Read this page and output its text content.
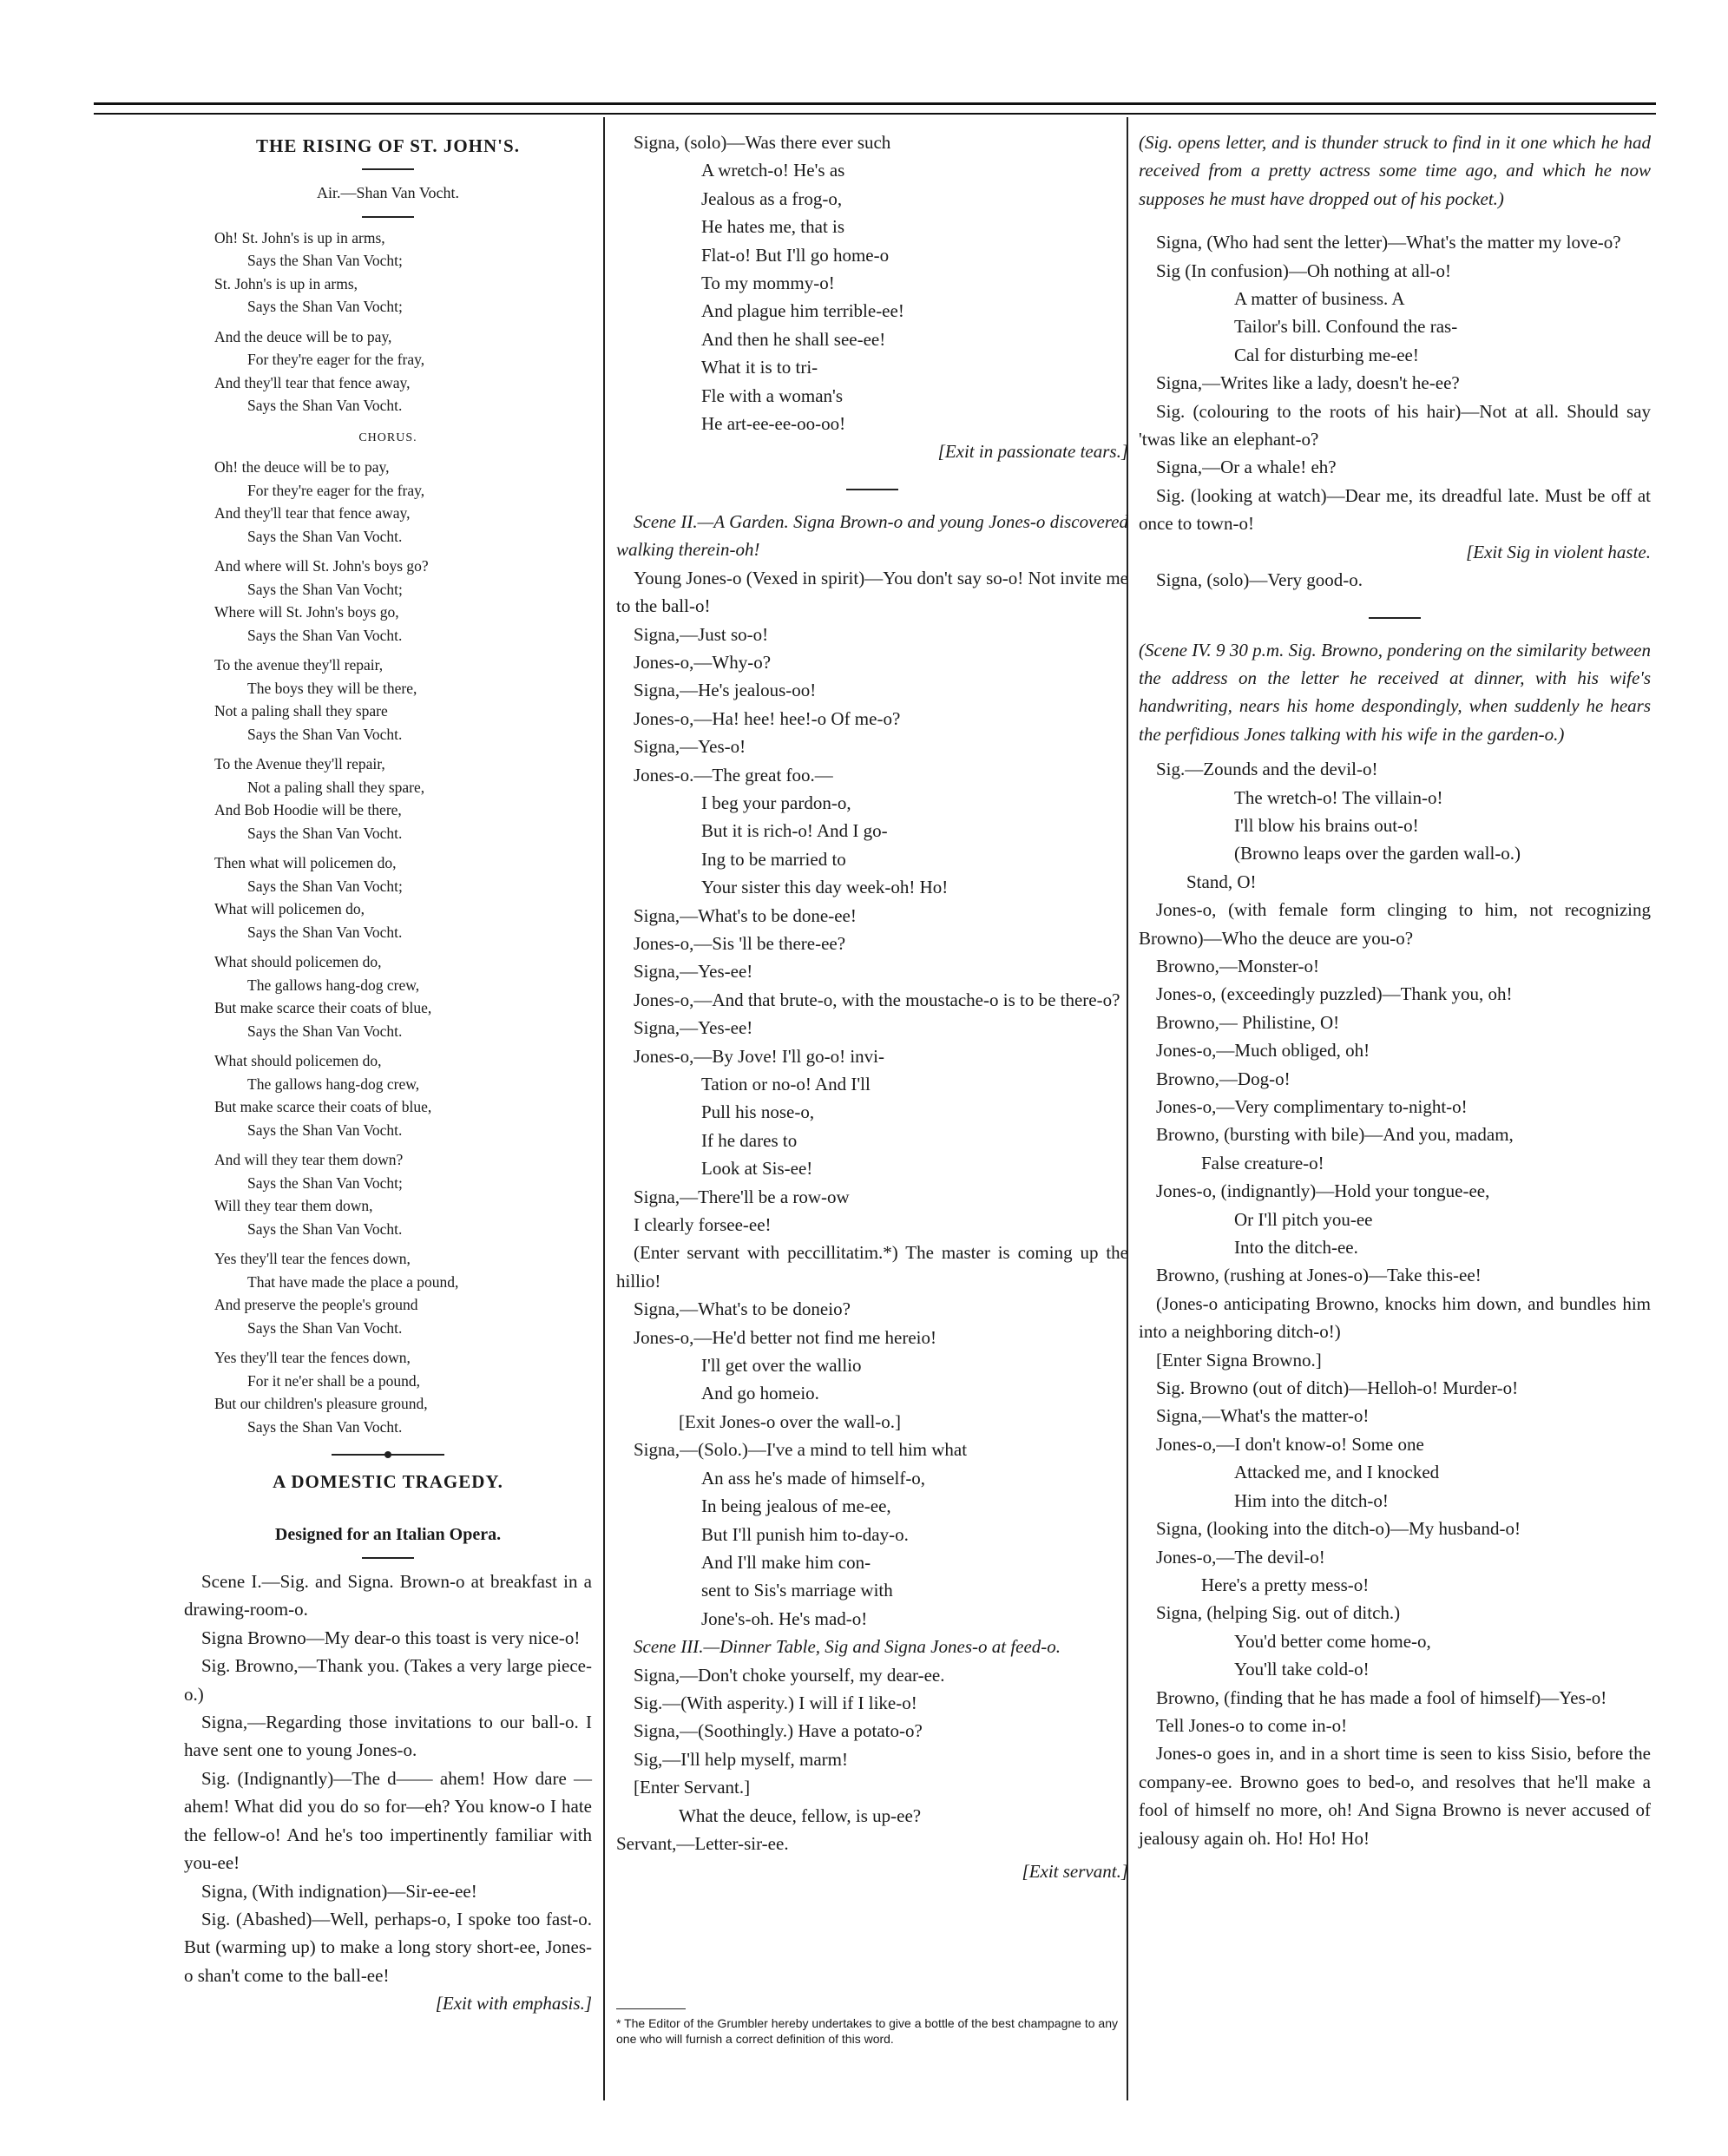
THE RISING OF ST. JOHN'S.
Air.—Shan Van Vocht.
Oh! St. John's is up in arms,
Says the Shan Van Vocht;
St. John's is up in arms,
Says the Shan Van Vocht;
And the deuce will be to pay,
For they're eager for the fray,
And they'll tear that fence away,
Says the Shan Van Vocht.
CHORUS.
Oh! the deuce will be to pay,
For they're eager for the fray,
And they'll tear that fence away,
Says the Shan Van Vocht.
And where will St. John's boys go?
Says the Shan Van Vocht;
Where will St. John's boys go,
Says the Shan Van Vocht.
To the avenue they'll repair,
The boys they will be there,
Not a paling shall they spare
Says the Shan Van Vocht.
To the Avenue they'll repair,
Not a paling shall they spare,
And Bob Hoodie will be there,
Says the Shan Van Vocht.
Then what will policemen do,
Says the Shan Van Vocht;
What will policemen do,
Says the Shan Van Vocht.
What should policemen do,
The gallows hang-dog crew,
But make scarce their coats of blue,
Says the Shan Van Vocht.
What should policemen do,
The gallows hang-dog crew,
But make scarce their coats of blue,
Says the Shan Van Vocht.
And will they tear them down?
Says the Shan Van Vocht;
Will they tear them down,
Says the Shan Van Vocht.
Yes they'll tear the fences down,
That have made the place a pound,
And preserve the people's ground
Says the Shan Van Vocht.
Yes they'll tear the fences down,
For it ne'er shall be a pound,
But our children's pleasure ground,
Says the Shan Van Vocht.
A DOMESTIC TRAGEDY.
Designed for an Italian Opera.

Scene I.—Sig. and Signa. Brown-o at breakfast in a drawing-room-o.

Signa Browno—My dear-o this toast is very nice-o!

Sig. Browno,—Thank you. (Takes a very large piece-o.)

Signa,—Regarding those invitations to our ball-o. I have sent one to young Jones-o.

Sig. (Indignantly)—The d—— ahem! How dare —ahem! What did you do so for—eh? You know-o I hate the fellow-o! And he's too impertinently familiar with you-ee!

Signa, (With indignation)—Sir-ee-ee!

Sig. (Abashed)—Well, perhaps-o, I spoke too fast-o. But (warming up) to make a long story short-ee, Jones-o shan't come to the ball-ee!

[Exit with emphasis.]

Signa, (solo)—Was there ever such

A wretch-o! He's as

Jealous as a frog-o,

He hates me, that is

Flat-o! But I'll go home-o

To my mommy-o!

And plague him terrible-ee!

And then he shall see-ee!

What it is to tri-

Fle with a woman's

He art-ee-ee-oo-oo!

[Exit in passionate tears.]

Scene II.—A Garden. Signa Brown-o and young Jones-o discovered walking therein-oh!

Young Jones-o (Vexed in spirit)—You don't say so-o! Not invite me to the ball-o!

Signa,—Just so-o!

Jones-o,—Why-o?

Signa,—He's jealous-oo!

Jones-o,—Ha! hee! hee!-o Of me-o?

Signa,—Yes-o!

Jones-o.—The great foo.—

I beg your pardon-o,

But it is rich-o! And I go-

Ing to be married to

Your sister this day week-oh! Ho!

Signa,—What's to be done-ee!

Jones-o,—Sis 'll be there-ee?

Signa,—Yes-ee!

Jones-o,—And that brute-o, with the moustache-o is to be there-o?

Signa,—Yes-ee!

Jones-o,—By Jove! I'll go-o! invi-

Tation or no-o! And I'll

Pull his nose-o,

If he dares to

Look at Sis-ee!

Signa,—There'll be a row-ow

I clearly forsee-ee!

(Enter servant with peccillitatim.*) The master is coming up the hillio!

Signa,—What's to be doneio?

Jones-o,—He'd better not find me hereio!

I'll get over the wallio

And go homeio.

[Exit Jones-o over the wall-o.]

Signa,—(Solo.)—I've a mind to tell him what

An ass he's made of himself-o,

In being jealous of me-ee,

But I'll punish him to-day-o.

And I'll make him con-

sent to Sis's marriage with

Jone's-oh. He's mad-o!

Scene III.—Dinner Table, Sig and Signa Jones-o at feed-o.

Signa,—Don't choke yourself, my dear-ee.

Sig.—(With asperity.) I will if I like-o!

Signa,—(Soothingly.) Have a potato-o?

Sig,—I'll help myself, marm!

[Enter Servant.]

What the deuce, fellow, is up-ee?

Servant,—Letter-sir-ee.

[Exit servant.]
* The Editor of the Grumbler hereby undertakes to give a bottle of the best champagne to any one who will furnish a correct definition of this word.

(Sig. opens letter, and is thunder struck to find in it one which he had received from a pretty actress some time ago, and which he now supposes he must have dropped out of his pocket.)

Signa, (Who had sent the letter)—What's the matter my love-o?

Sig (In confusion)—Oh nothing at all-o!

A matter of business. A

Tailor's bill. Confound the ras-

Cal for disturbing me-ee!

Signa,—Writes like a lady, doesn't he-ee?

Sig. (colouring to the roots of his hair)—Not at all. Should say 'twas like an elephant-o?

Signa,—Or a whale! eh?

Sig. (looking at watch)—Dear me, its dreadful late. Must be off at once to town-o!

[Exit Sig in violent haste.

Signa, (solo)—Very good-o.

(Scene IV. 9 30 p.m. Sig. Browno, pondering on the similarity between the address on the letter he received at dinner, with his wife's handwriting, nears his home despondingly, when suddenly he hears the perfidious Jones talking with his wife in the garden-o.)

Sig.—Zounds and the devil-o!

The wretch-o! The villain-o!

I'll blow his brains out-o!

(Browno leaps over the garden wall-o.)

Stand, O!

Jones-o, (with female form clinging to him, not recognizing Browno)—Who the deuce are you-o?

Browno,—Monster-o!

Jones-o, (exceedingly puzzled)—Thank you, oh!

Browno,— Philistine, O!

Jones-o,—Much obliged, oh!

Browno,—Dog-o!

Jones-o,—Very complimentary to-night-o!

Browno, (bursting with bile)—And you, madam,

False creature-o!

Jones-o, (indignantly)—Hold your tongue-ee,

Or I'll pitch you-ee

Into the ditch-ee.

Browno, (rushing at Jones-o)—Take this-ee!

(Jones-o anticipating Browno, knocks him down, and bundles him into a neighboring ditch-o!)

[Enter Signa Browno.]

Sig. Browno (out of ditch)—Helloh-o! Murder-o!

Signa,—What's the matter-o!

Jones-o,—I don't know-o! Some one

Attacked me, and I knocked

Him into the ditch-o!

Signa, (looking into the ditch-o)—My husband-o!

Jones-o,—The devil-o!

Here's a pretty mess-o!

Signa, (helping Sig. out of ditch.)

You'd better come home-o,

You'll take cold-o!

Browno, (finding that he has made a fool of himself)—Yes-o!

Tell Jones-o to come in-o!

Jones-o goes in, and in a short time is seen to kiss Sisio, before the company-ee. Browno goes to bed-o, and resolves that he'll make a fool of himself no more, oh! And Signa Browno is never accused of jealousy again oh. Ho! Ho! Ho!
